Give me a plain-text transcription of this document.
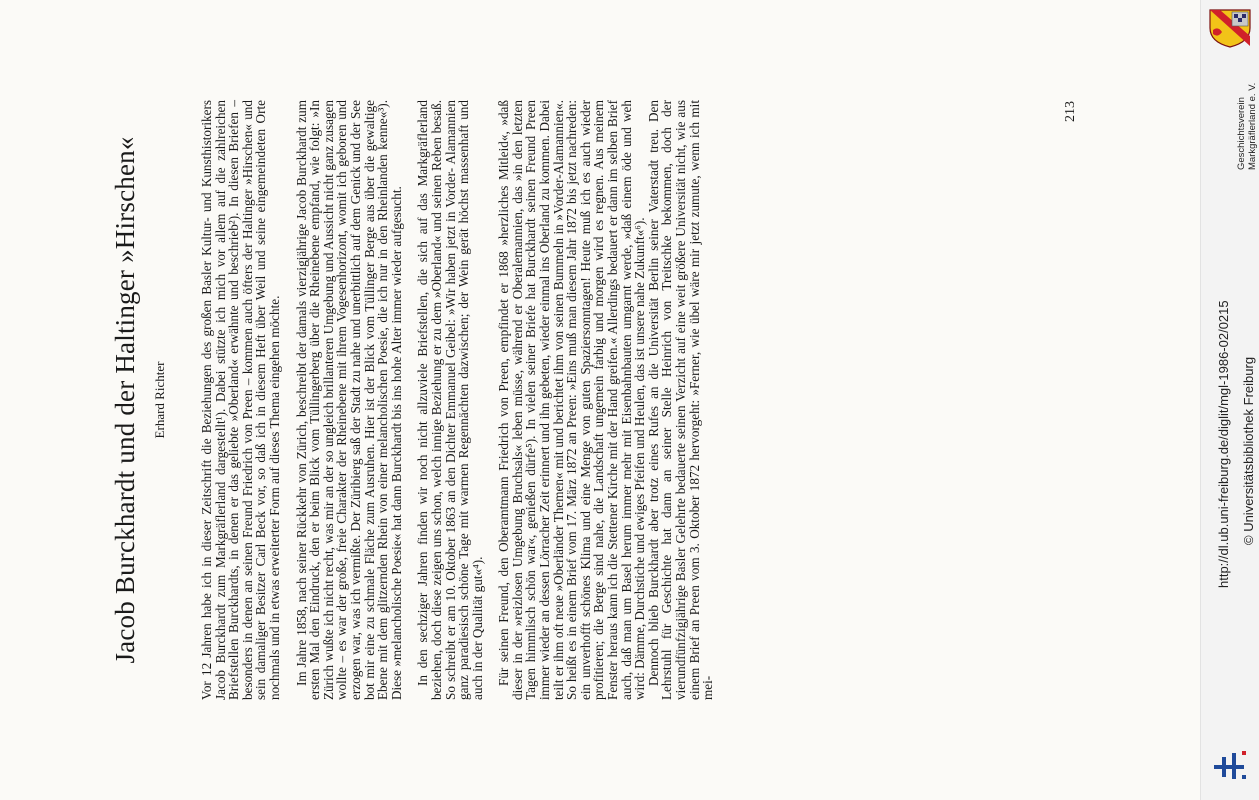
Jacob Burckhardt und der Haltinger »Hirschen« Erhard Richter	Vor 12 Jahren habe ich in dieser Zeitschrift die Beziehungen des großen Basler Kultur- und Kunsthistorikers Jacob Burckhardt zum Markgräflerland dargestellt¹). Dabei stützte ich mich vor allem auf die zahlreichen Briefstellen Burckhardts, in denen er das geliebte »Oberland« erwähnte und beschrieb²). In diesen Briefen – besonders in denen an seinen Freund Friedrich von Preen – kommen auch öfters der Haltinger »Hirschen« und sein damaliger Besitzer Carl Beck vor, so daß ich in diesem Heft über Weil und seine eingemeindeten Orte nochmals und in etwas erweiterter Form auf dieses Thema eingehen möchte. Im Jahre 1858, nach seiner Rückkehr von Zürich, beschreibt der damals vierzigjährige Jacob Burckhardt zum ersten Mal den Eindruck, den er beim Blick vom Tüllingerberg über die Rheinebene empfand, wie folgt: »In Zürich wußte ich nicht recht, was mir an der so ungleich brillanteren Umgebung und Aussicht nicht ganz zusagen wollte – es war der große, freie Charakter der Rheinebene mit ihrem Vogesenhorizont, womit ich geboren und erzogen war, was ich vermißte. Der Züribierg saß der Stadt zu nahe und unerbittlich auf dem Genick und der See bot mir eine zu schmale Fläche zum Ausruhen. Hier ist der Blick vom Tüllinger Berge aus über die gewaltige Ebene mit dem glitzernden Rhein von einer melancholischen Poesie, die ich nur in den Rheinlanden kenne«³). Diese »melancholische Poesie« hat dann Burckhardt bis ins hohe Alter immer wieder aufgesucht. In den sechziger Jahren finden wir noch nicht allzuviele Briefstellen, die sich auf das Markgräflerland beziehen, doch diese zeigen uns schon, welch innige Beziehung er zu dem »Oberland« und seinen Reben besaß. So schreibt er am 10. Oktober 1863 an den Dichter Emmanuel Geibel: »Wir haben jetzt in Vorder- Alamannien ganz paradiesisch schöne Tage mit warmen Regennächten dazwischen; der Wein gerät höchst massenhaft und auch in der Qualität gut«⁴). Für seinen Freund, den Oberamtmann Friedrich von Preen, empfindet er 1868 »herzliches Mitleid«, »daß dieser in der »reizlosen Umgebung Bruchsals« leben müsse, während er Oberalemannien, das »in den letzten Tagen himmlisch schön war«, genießen dürfe⁵). In vielen seiner Briefe hat Burckhardt seinen Freund Preen immer wieder an dessen Lörracher Zeit erinnert und ihn gebeten, wieder einmal ins Oberland zu kommen. Dabei teilt er ihm oft neue »Oberländer Themen« mit und berichtet ihm von seinen Bummeln in »Vorder-Alamannien«. So heißt es in einem Brief vom 17. März 1872 an Preen: »Eins muß man diesem Jahr 1872 bis jetzt nachreden: ein unverhofft schönes Klima und eine Menge von guten Spaziersonntagen! Heute muß ich es auch wieder profitieren; die Berge sind nahe, die Landschaft ungemein farbig und morgen wird es regnen. Aus meinem Fenster heraus kann ich die Stettener Kirche mit der Hand greifen.« Allerdings bedauert er dann im selben Brief auch, daß man um Basel herum immer mehr mit Eisenbahnbauten umgarnt werde, »daß einem öde und weh wird: Dämme, Durchstiche und ewiges Pfeifen und Heulen, das ist unsere nahe Zukunft«⁶).

Dennoch blieb Burckhardt aber trotz eines Rufes an die Universität Berlin seiner Vaterstadt treu. Den Lehrstuhl für Geschichte hat dann an seiner Stelle Heinrich von Treitschke bekommen, doch der vierundfünfzigjährige Basler Gelehrte bedauerte seinen Verzicht auf eine weit größere Universität nicht, wie aus einem Brief an Preen vom 3. Oktober 1872 hervorgeht: »Ferner, wie übel wäre mir jetzt zumute, wenn ich mit mei-

213	Geschichtsverein Markgräflerland e. V.
http://dl.ub.uni-freiburg.de/diglit/mgl-1986-02/0215 © Universitätsbibliothek Freiburg
